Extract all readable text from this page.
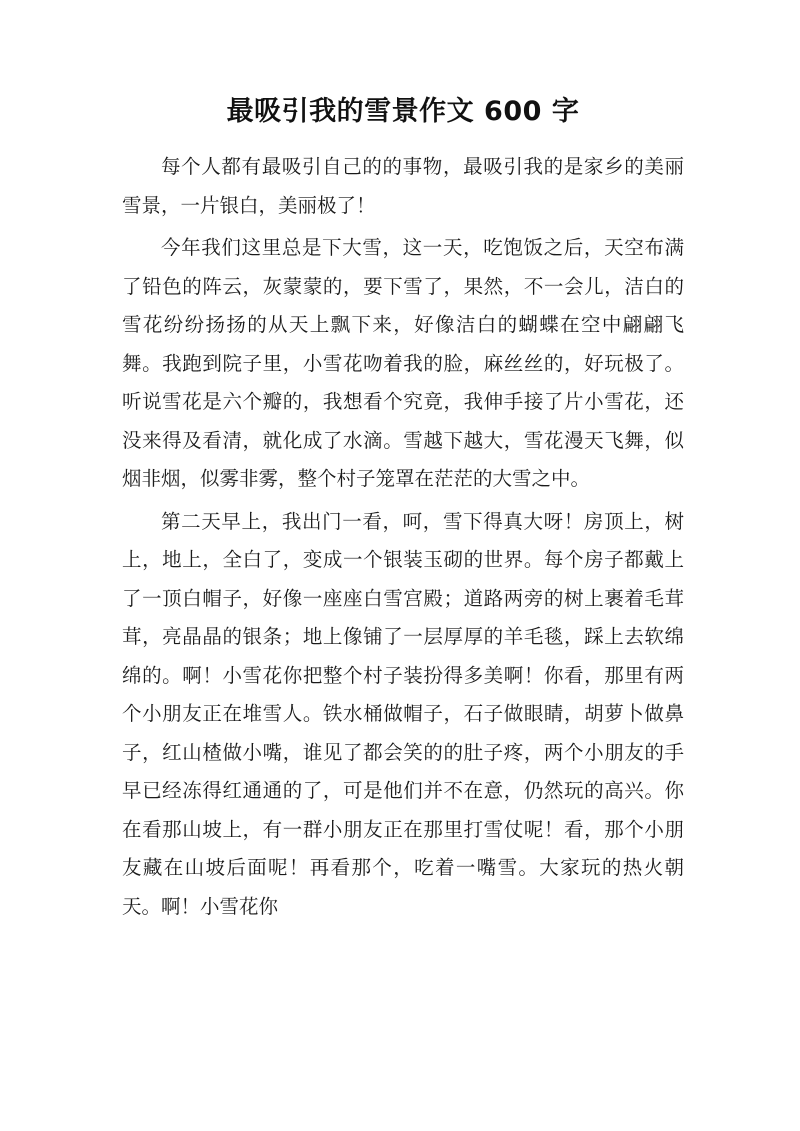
最吸引我的雪景作文 600 字

每个人都有最吸引自己的的事物，最吸引我的是家乡的美丽雪景，一片银白，美丽极了！

今年我们这里总是下大雪，这一天，吃饱饭之后，天空布满了铅色的阵云，灰蒙蒙的，要下雪了，果然，不一会儿，洁白的雪花纷纷扬扬的从天上飘下来，好像洁白的蝴蝶在空中翩翩飞舞。我跑到院子里，小雪花吻着我的脸，麻丝丝的，好玩极了。听说雪花是六个瓣的，我想看个究竟，我伸手接了片小雪花，还没来得及看清，就化成了水滴。雪越下越大，雪花漫天飞舞，似烟非烟，似雾非雾，整个村子笼罩在茫茫的大雪之中。

第二天早上，我出门一看，呵，雪下得真大呀！房顶上，树上，地上，全白了，变成一个银装玉砌的世界。每个房子都戴上了一顶白帽子，好像一座座白雪宫殿；道路两旁的树上裹着毛茸茸，亮晶晶的银条；地上像铺了一层厚厚的羊毛毯，踩上去软绵绵的。啊！小雪花你把整个村子装扮得多美啊！你看，那里有两个小朋友正在堆雪人。铁水桶做帽子，石子做眼睛，胡萝卜做鼻子，红山楂做小嘴，谁见了都会笑的的肚子疼，两个小朋友的手早已经冻得红通通的了，可是他们并不在意，仍然玩的高兴。你在看那山坡上，有一群小朋友正在那里打雪仗呢！看，那个小朋友藏在山坡后面呢！再看那个，吃着一嘴雪。大家玩的热火朝天。啊！小雪花你
